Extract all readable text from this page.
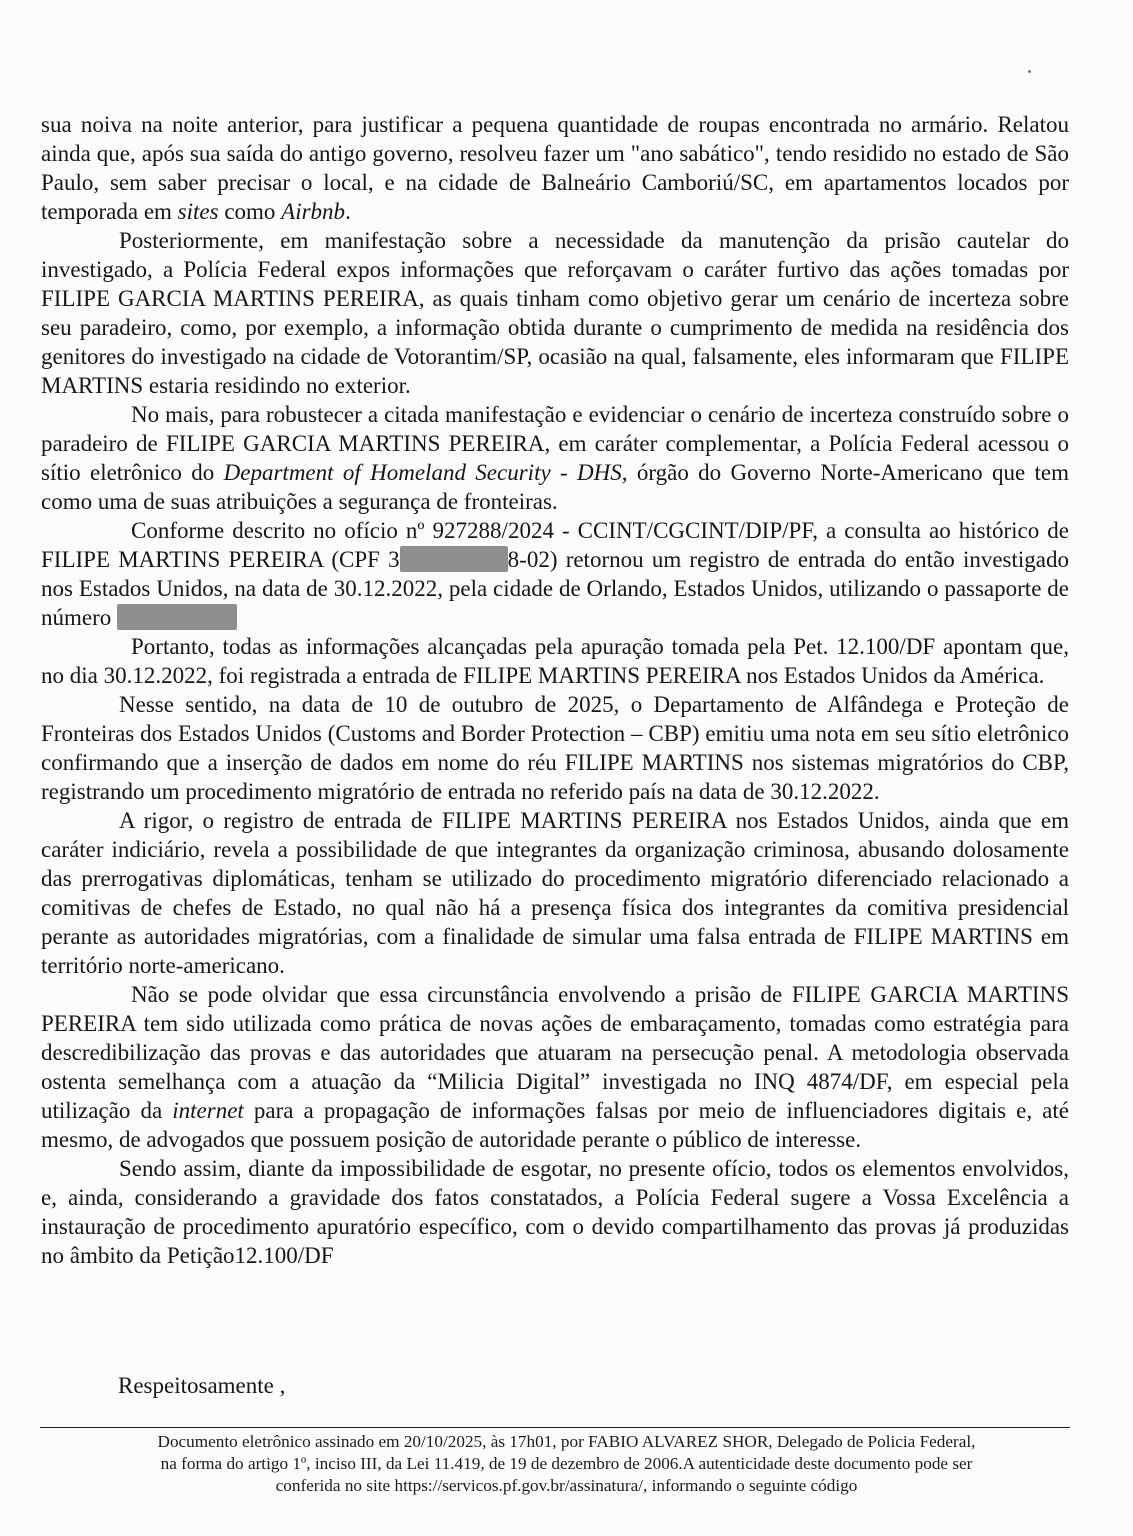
sua noiva na noite anterior, para justificar a pequena quantidade de roupas encontrada no armário. Relatou ainda que, após sua saída do antigo governo, resolveu fazer um "ano sabático", tendo residido no estado de São Paulo, sem saber precisar o local, e na cidade de Balneário Camboriú/SC, em apartamentos locados por temporada em sites como Airbnb.

Posteriormente, em manifestação sobre a necessidade da manutenção da prisão cautelar do investigado, a Polícia Federal expos informações que reforçavam o caráter furtivo das ações tomadas por FILIPE GARCIA MARTINS PEREIRA, as quais tinham como objetivo gerar um cenário de incerteza sobre seu paradeiro, como, por exemplo, a informação obtida durante o cumprimento de medida na residência dos genitores do investigado na cidade de Votorantim/SP, ocasião na qual, falsamente, eles informaram que FILIPE MARTINS estaria residindo no exterior.

No mais, para robustecer a citada manifestação e evidenciar o cenário de incerteza construído sobre o paradeiro de FILIPE GARCIA MARTINS PEREIRA, em caráter complementar, a Polícia Federal acessou o sítio eletrônico do Department of Homeland Security - DHS, órgão do Governo Norte-Americano que tem como uma de suas atribuições a segurança de fronteiras.

Conforme descrito no ofício nº 927288/2024 - CCINT/CGCINT/DIP/PF, a consulta ao histórico de FILIPE MARTINS PEREIRA (CPF 3	8-02) retornou um registro de entrada do então investigado nos Estados Unidos, na data de 30.12.2022, pela cidade de Orlando, Estados Unidos, utilizando o passaporte de número

Portanto, todas as informações alcançadas pela apuração tomada pela Pet. 12.100/DF apontam que, no dia 30.12.2022, foi registrada a entrada de FILIPE MARTINS PEREIRA nos Estados Unidos da América.

Nesse sentido, na data de 10 de outubro de 2025, o Departamento de Alfândega e Proteção de Fronteiras dos Estados Unidos (Customs and Border Protection – CBP) emitiu uma nota em seu sítio eletrônico confirmando que a inserção de dados em nome do réu FILIPE MARTINS nos sistemas migratórios do CBP, registrando um procedimento migratório de entrada no referido país na data de 30.12.2022.

A rigor, o registro de entrada de FILIPE MARTINS PEREIRA nos Estados Unidos, ainda que em caráter indiciário, revela a possibilidade de que integrantes da organização criminosa, abusando dolosamente das prerrogativas diplomáticas, tenham se utilizado do procedimento migratório diferenciado relacionado a comitivas de chefes de Estado, no qual não há a presença física dos integrantes da comitiva presidencial perante as autoridades migratórias, com a finalidade de simular uma falsa entrada de FILIPE MARTINS em território norte-americano.

Não se pode olvidar que essa circunstância envolvendo a prisão de FILIPE GARCIA MARTINS PEREIRA tem sido utilizada como prática de novas ações de embaraçamento, tomadas como estratégia para descredibilização das provas e das autoridades que atuaram na persecução penal. A metodologia observada ostenta semelhança com a atuação da “Milicia Digital” investigada no INQ 4874/DF, em especial pela utilização da internet para a propagação de informações falsas por meio de influenciadores digitais e, até mesmo, de advogados que possuem posição de autoridade perante o público de interesse.

Sendo assim, diante da impossibilidade de esgotar, no presente ofício, todos os elementos envolvidos, e, ainda, considerando a gravidade dos fatos constatados, a Polícia Federal sugere a Vossa Excelência a instauração de procedimento apuratório específico, com o devido compartilhamento das provas já produzidas no âmbito da Petição12.100/DF

Respeitosamente ,

Documento eletrônico assinado em 20/10/2025, às 17h01, por FABIO ALVAREZ SHOR, Delegado de Policia Federal,

na forma do artigo 1º, inciso III, da Lei 11.419, de 19 de dezembro de 2006.A autenticidade deste documento pode ser

conferida no site https://servicos.pf.gov.br/assinatura/, informando o seguinte código
